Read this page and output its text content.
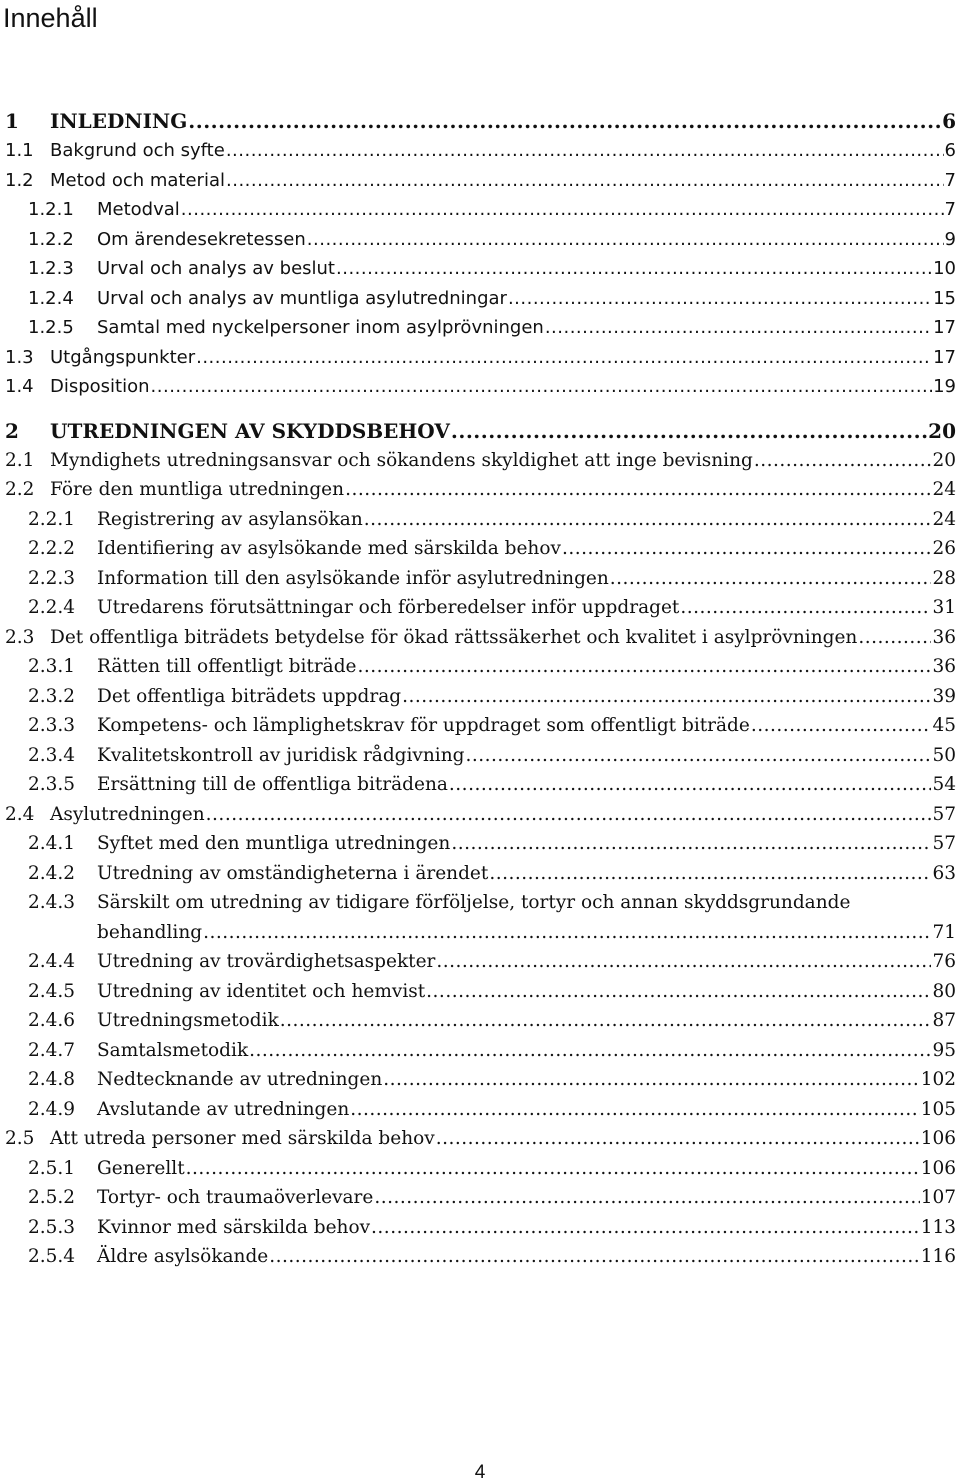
Innehåll
1 INLEDNING .....	6
1.1 Bakgrund och syfte .....	6
1.2 Metod och material .....	7
1.2.1 Metodval .....	7
1.2.2 Om ärendesekretessen .....	9
1.2.3 Urval och analys av beslut .....	10
1.2.4 Urval och analys av muntliga asylutredningar .....	15
1.2.5 Samtal med nyckelpersoner inom asylprövningen .....	17
1.3 Utgångspunkter .....	17
1.4 Disposition .....	19
2 UTREDNINGEN AV SKYDDSBEHOV .....	20
2.1 Myndighets utredningsansvar och sökandens skyldighet att inge bevisning .....	20
2.2 Före den muntliga utredningen .....	24
2.2.1 Registrering av asylansökan .....	24
2.2.2 Identifiering av asylsökande med särskilda behov .....	26
2.2.3 Information till den asylsökande inför asylutredningen .....	28
2.2.4 Utredarens förutsättningar och förberedelser inför uppdraget .....	31
2.3 Det offentliga biträdets betydelse för ökad rättssäkerhet och kvalitet i asylprövningen .....	36
2.3.1 Rätten till offentligt biträde .....	36
2.3.2 Det offentliga biträdets uppdrag .....	39
2.3.3 Kompetens- och lämplighetskrav för uppdraget som offentligt biträde .....	45
2.3.4 Kvalitetskontroll av juridisk rådgivning .....	50
2.3.5 Ersättning till de offentliga biträdena .....	54
2.4 Asylutredningen .....	57
2.4.1 Syftet med den muntliga utredningen .....	57
2.4.2 Utredning av omständigheterna i ärendet .....	63
2.4.3 Särskilt om utredning av tidigare förföljelse, tortyr och annan skyddsgrundande
behandling .....	71
2.4.4 Utredning av trovärdighetsaspekter .....	76
2.4.5 Utredning av identitet och hemvist .....	80
2.4.6 Utredningsmetodik .....	87
2.4.7 Samtalsmetodik .....	95
2.4.8 Nedtecknande av utredningen .....	102
2.4.9 Avslutande av utredningen .....	105
2.5 Att utreda personer med särskilda behov .....	106
2.5.1 Generellt .....	106
2.5.2 Tortyr- och traumaöverlevare .....	107
2.5.3 Kvinnor med särskilda behov .....	113
2.5.4 Äldre asylsökande .....	116
4
